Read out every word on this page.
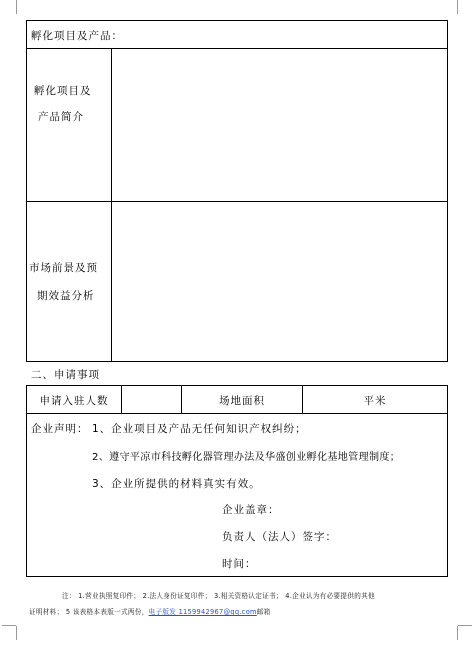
孵化项目及产品：
孵化项目及
产品简介
市场前景及预
期效益分析
二、申请事项
申请入驻人数	场地面积	平米
企业声明： 1、企业项目及产品无任何知识产权纠纷；
2、遵守平凉市科技孵化器管理办法及华盛创业孵化基地管理制度；
3、企业所提供的材料真实有效。
企业盖章：
负责人（法人）签字：
时间：
注： 1.营业执照复印件； 2.法人身份证复印件； 3.相关资格认定证书； 4.企业认为有必要提供的其他
证明材料； 5 该表格本表版一式两份，电子版发 1159942967@qq.com邮箱
